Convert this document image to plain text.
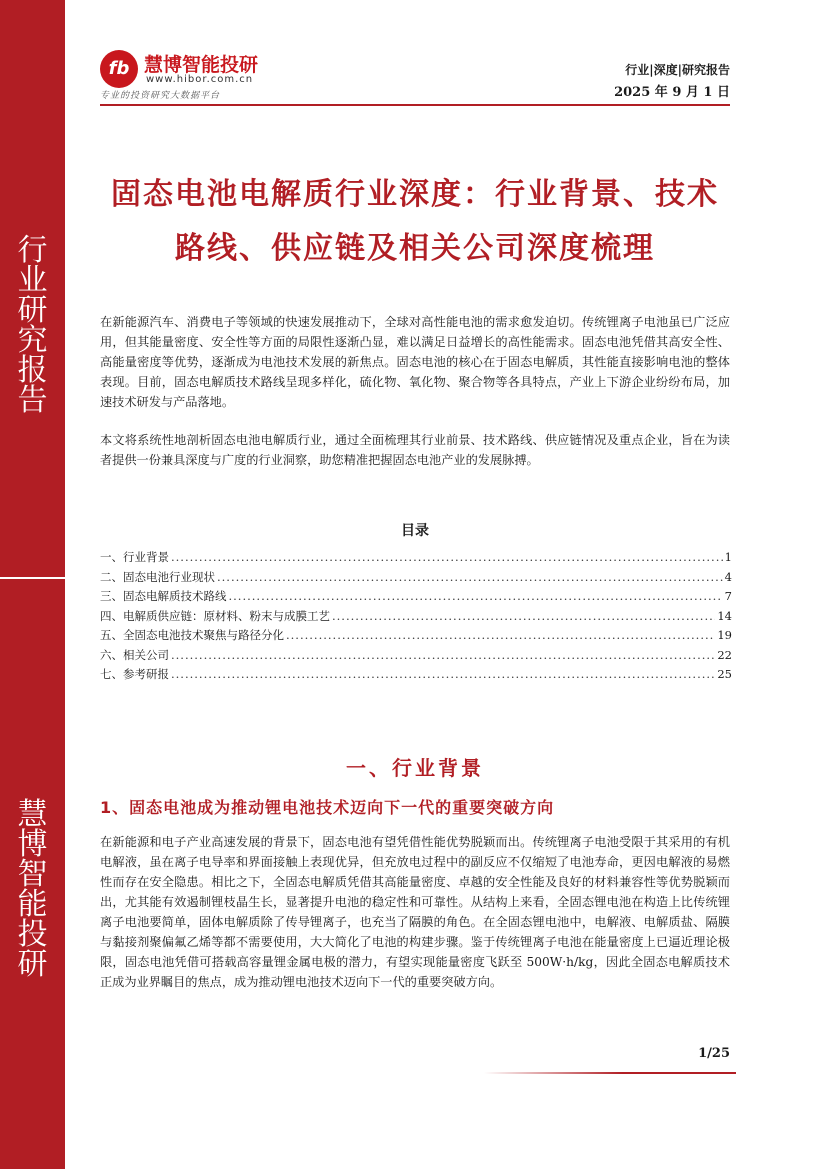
行
业
研
究
报
告
慧
博
智
能
投
研
fb 慧博智能投研
www.hibor.com.cn
专业的投资研究大数据平台
行业|深度|研究报告
2025 年 9 月 1 日
固态电池电解质行业深度：行业背景、技术
路线、供应链及相关公司深度梳理
在新能源汽车、消费电子等领域的快速发展推动下，全球对高性能电池的需求愈发迫切。传统锂离子电池虽已广泛应用，但其能量密度、安全性等方面的局限性逐渐凸显，难以满足日益增长的高性能需求。固态电池凭借其高安全性、高能量密度等优势，逐渐成为电池技术发展的新焦点。固态电池的核心在于固态电解质，其性能直接影响电池的整体表现。目前，固态电解质技术路线呈现多样化，硫化物、氧化物、聚合物等各具特点，产业上下游企业纷纷布局，加速技术研发与产品落地。
本文将系统性地剖析固态电池电解质行业，通过全面梳理其行业前景、技术路线、供应链情况及重点企业，旨在为读者提供一份兼具深度与广度的行业洞察，助您精准把握固态电池产业的发展脉搏。
目录
一、行业背景 .....	1
二、固态电池行业现状 .....	4
三、固态电解质技术路线 .....	7
四、电解质供应链：原材料、粉末与成膜工艺 .....	14
五、全固态电池技术聚焦与路径分化 .....	19
六、相关公司 .....	22
七、参考研报 .....	25
一、行业背景
1、固态电池成为推动锂电池技术迈向下一代的重要突破方向
在新能源和电子产业高速发展的背景下，固态电池有望凭借性能优势脱颖而出。传统锂离子电池受限于其采用的有机电解液，虽在离子电导率和界面接触上表现优异，但充放电过程中的副反应不仅缩短了电池寿命，更因电解液的易燃性而存在安全隐患。相比之下，全固态电解质凭借其高能量密度、卓越的安全性能及良好的材料兼容性等优势脱颖而出，尤其能有效遏制锂枝晶生长，显著提升电池的稳定性和可靠性。从结构上来看，全固态锂电池在构造上比传统锂离子电池要简单，固体电解质除了传导锂离子，也充当了隔膜的角色。在全固态锂电池中，电解液、电解质盐、隔膜与黏接剂聚偏氟乙烯等都不需要使用，大大简化了电池的构建步骤。鉴于传统锂离子电池在能量密度上已逼近理论极限，固态电池凭借可搭载高容量锂金属电极的潜力，有望实现能量密度飞跃至 500W·h/kg，因此全固态电解质技术正成为业界瞩目的焦点，成为推动锂电池技术迈向下一代的重要突破方向。
1/25
